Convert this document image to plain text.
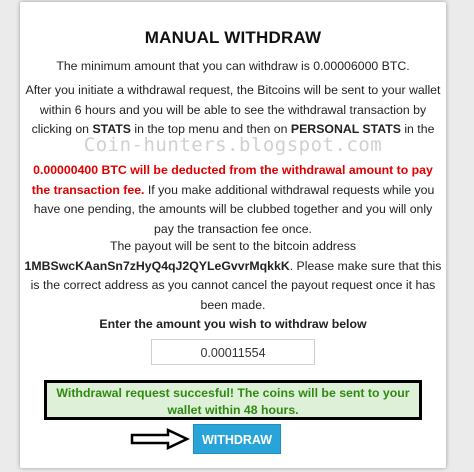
MANUAL WITHDRAW
The minimum amount that you can withdraw is 0.00006000 BTC.
After you initiate a withdrawal request, the Bitcoins will be sent to your wallet within 6 hours and you will be able to see the withdrawal transaction by clicking on STATS in the top menu and then on PERSONAL STATS in the
Coin-hunters.blogspot.com
0.00000400 BTC will be deducted from the withdrawal amount to pay the transaction fee. If you make additional withdrawal requests while you have one pending, the amounts will be clubbed together and you will only pay the transaction fee once.
The payout will be sent to the bitcoin address
1MBSwcKAanSn7zHyQ4qJ2QYLeGvvrMqkkK. Please make sure that this is the correct address as you cannot cancel the payout request once it has been made.
Enter the amount you wish to withdraw below
0.00011554
Withdrawal request succesful! The coins will be sent to your wallet within 48 hours.
WITHDRAW
